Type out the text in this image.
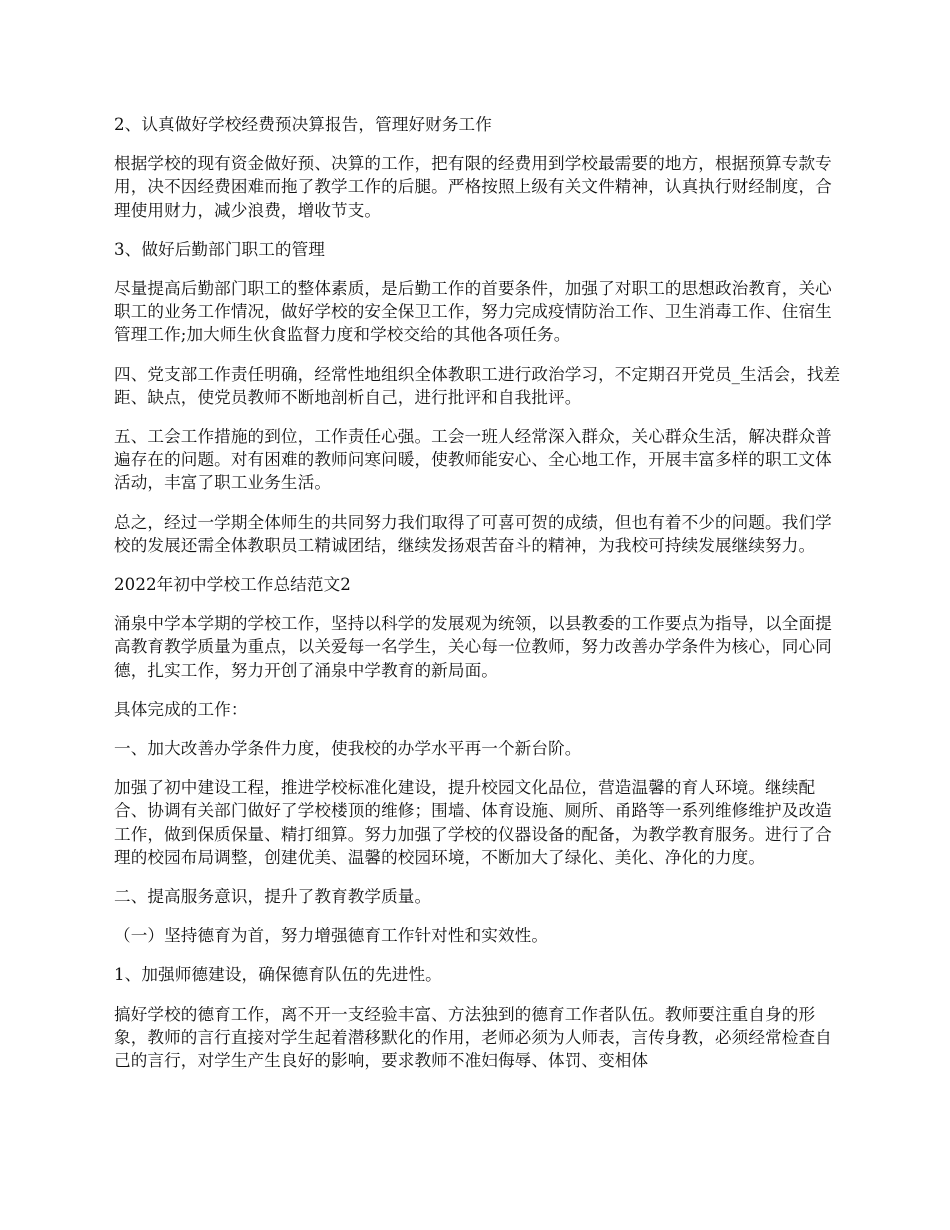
2、认真做好学校经费预决算报告，管理好财务工作

根据学校的现有资金做好预、决算的工作，把有限的经费用到学校最需要的地方，根据预算专款专用，决不因经费困难而拖了教学工作的后腿。严格按照上级有关文件精神，认真执行财经制度，合理使用财力，减少浪费，增收节支。

3、做好后勤部门职工的管理

尽量提高后勤部门职工的整体素质，是后勤工作的首要条件，加强了对职工的思想政治教育，关心职工的业务工作情况，做好学校的安全保卫工作，努力完成疫情防治工作、卫生消毒工作、住宿生管理工作;加大师生伙食监督力度和学校交给的其他各项任务。

四、党支部工作责任明确，经常性地组织全体教职工进行政治学习，不定期召开党员_生活会，找差距、缺点，使党员教师不断地剖析自己，进行批评和自我批评。

五、工会工作措施的到位，工作责任心强。工会一班人经常深入群众，关心群众生活，解决群众普遍存在的问题。对有困难的教师问寒问暖，使教师能安心、全心地工作，开展丰富多样的职工文体活动，丰富了职工业务生活。

总之，经过一学期全体师生的共同努力我们取得了可喜可贺的成绩，但也有着不少的问题。我们学校的发展还需全体教职员工精诚团结，继续发扬艰苦奋斗的精神，为我校可持续发展继续努力。

2022年初中学校工作总结范文2

涌泉中学本学期的学校工作，坚持以科学的发展观为统领，以县教委的工作要点为指导，以全面提高教育教学质量为重点，以关爱每一名学生，关心每一位教师，努力改善办学条件为核心，同心同德，扎实工作，努力开创了涌泉中学教育的新局面。

具体完成的工作：

一、加大改善办学条件力度，使我校的办学水平再一个新台阶。

加强了初中建设工程，推进学校标准化建设，提升校园文化品位，营造温馨的育人环境。继续配合、协调有关部门做好了学校楼顶的维修；围墙、体育设施、厕所、甬路等一系列维修维护及改造工作，做到保质保量、精打细算。努力加强了学校的仪器设备的配备，为教学教育服务。进行了合理的校园布局调整，创建优美、温馨的校园环境，不断加大了绿化、美化、净化的力度。

二、提高服务意识，提升了教育教学质量。

（一）坚持德育为首，努力增强德育工作针对性和实效性。

1、加强师德建设，确保德育队伍的先进性。

搞好学校的德育工作，离不开一支经验丰富、方法独到的德育工作者队伍。教师要注重自身的形象，教师的言行直接对学生起着潜移默化的作用，老师必须为人师表，言传身教，必须经常检查自己的言行，对学生产生良好的影响，要求教师不准妇侮辱、体罚、变相体
